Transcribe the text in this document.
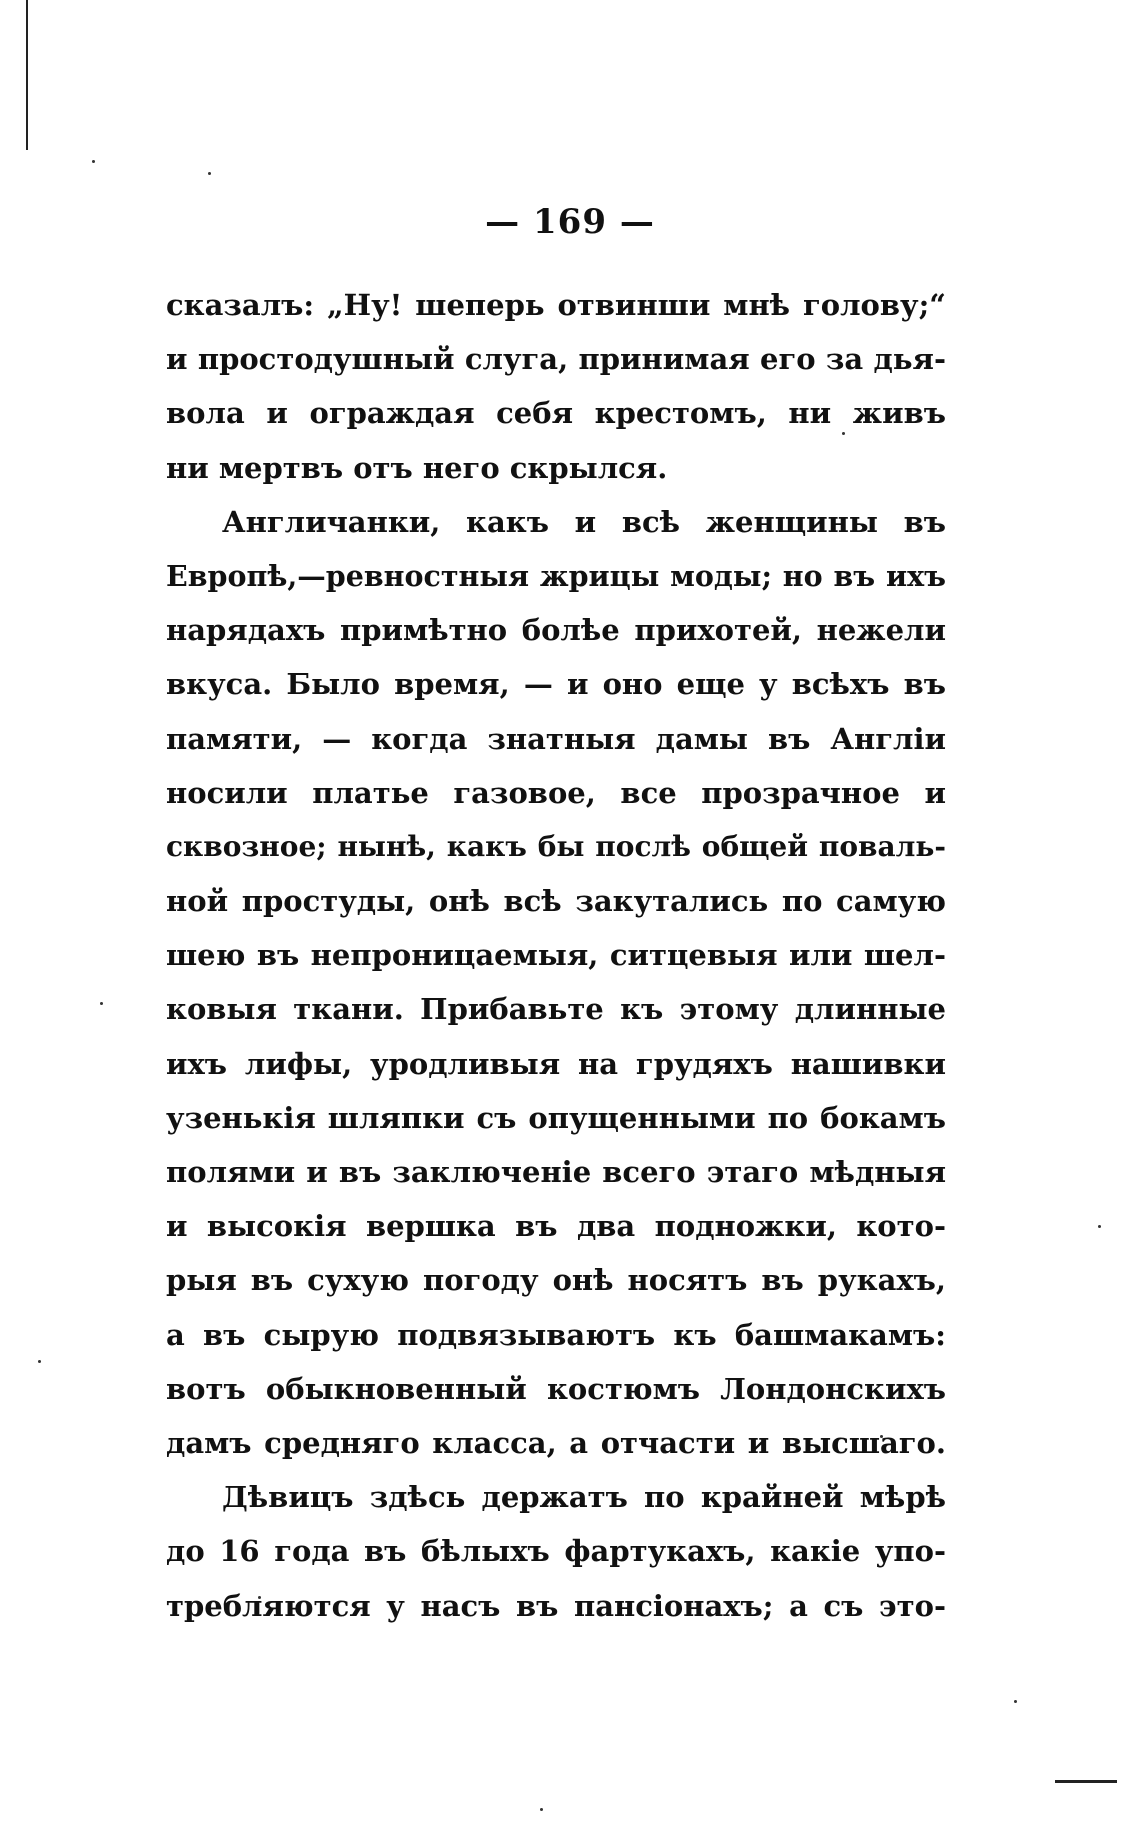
— 169 —
сказалъ: „Ну! шеперь отвинши мнѣ голову;“
и простодушный слуга, принимая его за дья-
вола и ограждая себя крестомъ, ни живъ
ни мертвъ отъ него скрылся.
Англичанки, какъ и всѣ женщины въ
Европѣ,—ревностныя жрицы моды; но въ ихъ
нарядахъ примѣтно болѣе прихотей, нежели
вкуса. Было время, — и оно еще у всѣхъ въ
памяти, — когда знатныя дамы въ Англіи
носили платье газовое, все прозрачное и
сквозное; нынѣ, какъ бы послѣ общей поваль-
ной простуды, онѣ всѣ закутались по самую
шею въ непроницаемыя, ситцевыя или шел-
ковыя ткани. Прибавьте къ этому длинные
ихъ лифы, уродливыя на грудяхъ нашивки
узенькія шляпки съ опущенными по бокамъ
полями и въ заключеніе всего этаго мѣдныя
и высокія вершка въ два подножки, кото-
рыя въ сухую погоду онѣ носятъ въ рукахъ,
а въ сырую подвязываютъ къ башмакамъ:
вотъ обыкновенный костюмъ Лондонскихъ
дамъ средняго класса, а отчасти и высшаго.
Дѣвицъ здѣсь держатъ по крайней мѣрѣ
до 16 года въ бѣлыхъ фартукахъ, какіе упо-
требляются у насъ въ пансіонахъ; а съ это-
